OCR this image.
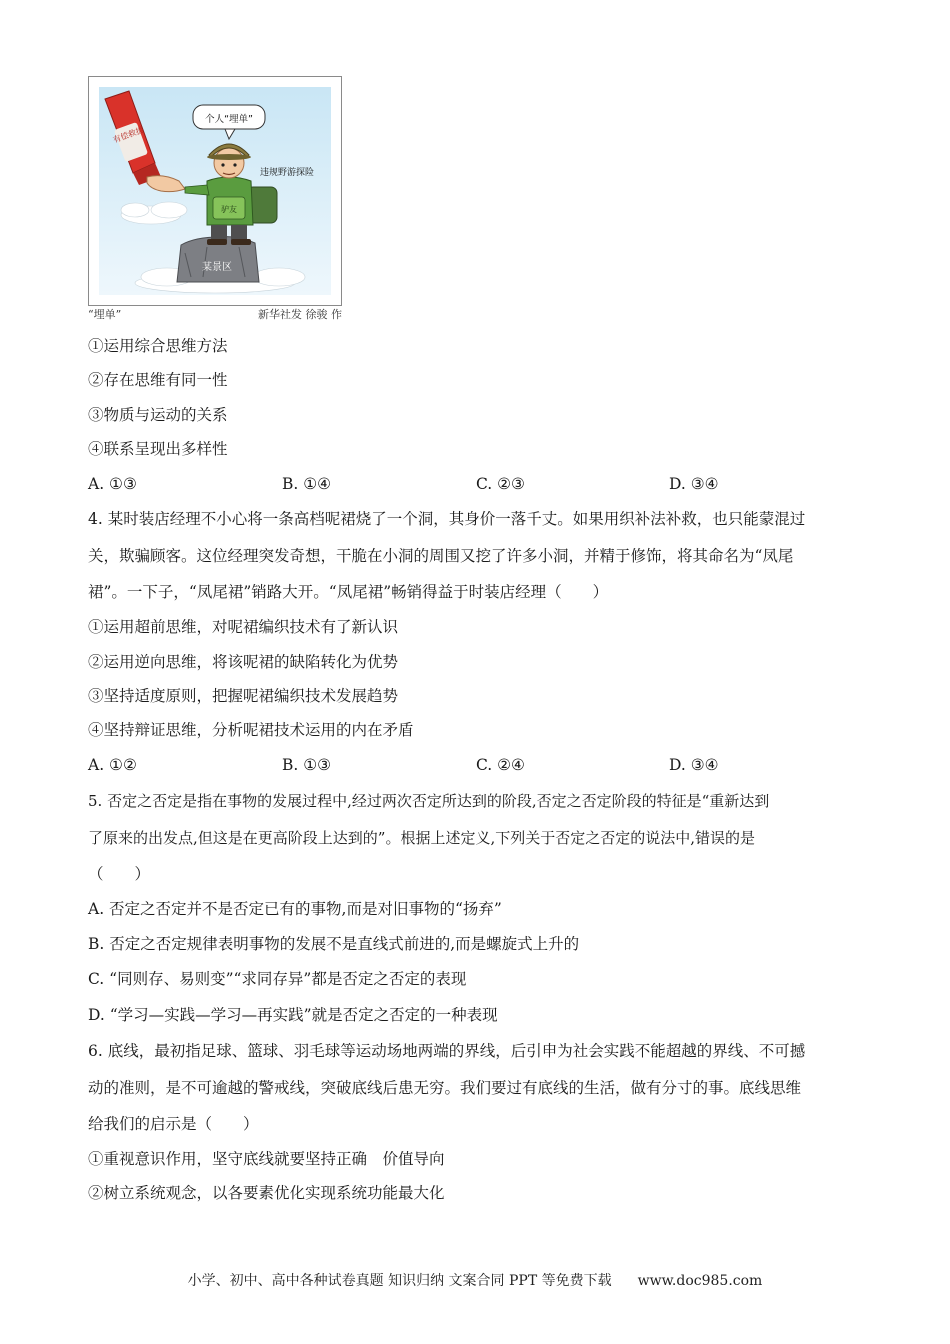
某景区
有偿救援
个人“埋单”
驴友
违规野游探险
“埋单”	新华社发 徐骏 作
①运用综合思维方法
②存在思维有同一性
③物质与运动的关系
④联系呈现出多样性
A. ①③	B. ①④	C. ②③	D. ③④
4. 某时装店经理不小心将一条高档呢裙烧了一个洞，其身价一落千丈。如果用织补法补救，也只能蒙混过
关，欺骗顾客。这位经理突发奇想，干脆在小洞的周围又挖了许多小洞，并精于修饰，将其命名为“凤尾
裙”。一下子，“凤尾裙”销路大开。“凤尾裙”畅销得益于时装店经理（　　）
①运用超前思维，对呢裙编织技术有了新认识
②运用逆向思维，将该呢裙的缺陷转化为优势
③坚持适度原则，把握呢裙编织技术发展趋势
④坚持辩证思维，分析呢裙技术运用的内在矛盾
A. ①②	B. ①③	C. ②④	D. ③④
5. 否定之否定是指在事物的发展过程中,经过两次否定所达到的阶段,否定之否定阶段的特征是“重新达到
了原来的出发点,但这是在更高阶段上达到的”。根据上述定义,下列关于否定之否定的说法中,错误的是
（　　）
A. 否定之否定并不是否定已有的事物,而是对旧事物的“扬弃”
B. 否定之否定规律表明事物的发展不是直线式前进的,而是螺旋式上升的
C. “同则存、易则变”“求同存异”都是否定之否定的表现
D. “学习—实践—学习—再实践”就是否定之否定的一种表现
6. 底线，最初指足球、篮球、羽毛球等运动场地两端的界线，后引申为社会实践不能超越的界线、不可撼
动的准则，是不可逾越的警戒线，突破底线后患无穷。我们要过有底线的生活，做有分寸的事。底线思维
给我们的启示是（　　）
①重视意识作用，坚守底线就要坚持正确　价值导向
②树立系统观念，以各要素优化实现系统功能最大化
小学、初中、高中各种试卷真题 知识归纳 文案合同 PPT 等免费下载 www.doc985.com
